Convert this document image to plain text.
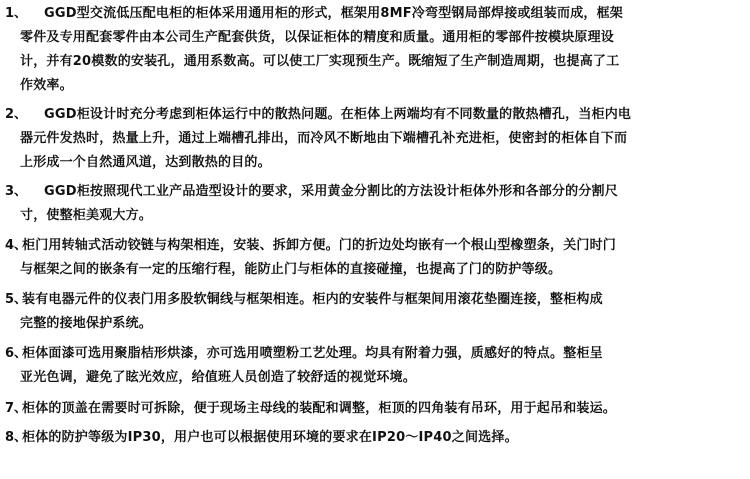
1、	GGD型交流低压配电柜的柜体采用通用柜的形式，框架用8MF冷弯型钢局部焊接或组装而成，框架
零件及专用配套零件由本公司生产配套供货，以保证柜体的精度和质量。通用柜的零部件按模块原理设
计，并有20模数的安装孔，通用系数高。可以使工厂实现预生产。既缩短了生产制造周期，也提高了工
作效率。
2、	GGD柜设计时充分考虑到柜体运行中的散热问题。在柜体上两端均有不同数量的散热槽孔，当柜内电
器元件发热时，热量上升，通过上端槽孔排出，而冷风不断地由下端槽孔补充进柜，使密封的柜体自下而
上形成一个自然通风道，达到散热的目的。
3、	GGD柜按照现代工业产品造型设计的要求，采用黄金分割比的方法设计柜体外形和各部分的分割尺
寸，使整柜美观大方。
4、
柜门用转轴式活动铰链与构架相连，安装、拆卸方便。门的折边处均嵌有一个根山型橡塑条，关门时门
与框架之间的嵌条有一定的压缩行程，能防止门与柜体的直接碰撞，也提高了门的防护等级。
5、
装有电器元件的仪表门用多股软铜线与框架相连。柜内的安装件与框架间用滚花垫圈连接，整柜构成
完整的接地保护系统。
6、
柜体面漆可选用聚脂桔形烘漆，亦可选用喷塑粉工艺处理。均具有附着力强，质感好的特点。整柜呈
亚光色调，避免了眩光效应，给值班人员创造了较舒适的视觉环境。
7、
柜体的顶盖在需要时可拆除，便于现场主母线的装配和调整，柜顶的四角装有吊环，用于起吊和装运。
8、
柜体的防护等级为IP30，用户也可以根据使用环境的要求在IP20～IP40之间选择。
